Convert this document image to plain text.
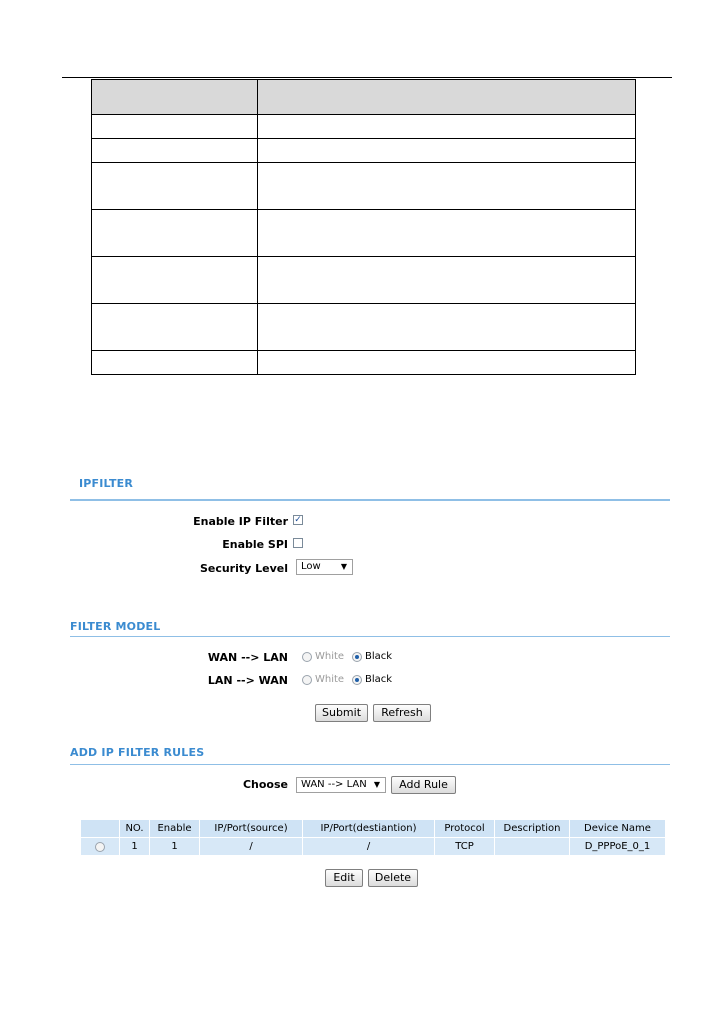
IPFILTER
Enable IP Filter ✓
Enable SPI
Security Level	Low	▼
FILTER MODEL
WAN --> LAN	White Black
LAN --> WAN	White Black
Submit	Refresh
ADD IP FILTER RULES
Choose	WAN --> LAN ▼	Add Rule
	NO.	Enable	IP/Port(source)	IP/Port(destiantion)	Protocol	Description	Device Name
	1	1	/	/	TCP		D_PPPoE_0_1
Edit	Delete
